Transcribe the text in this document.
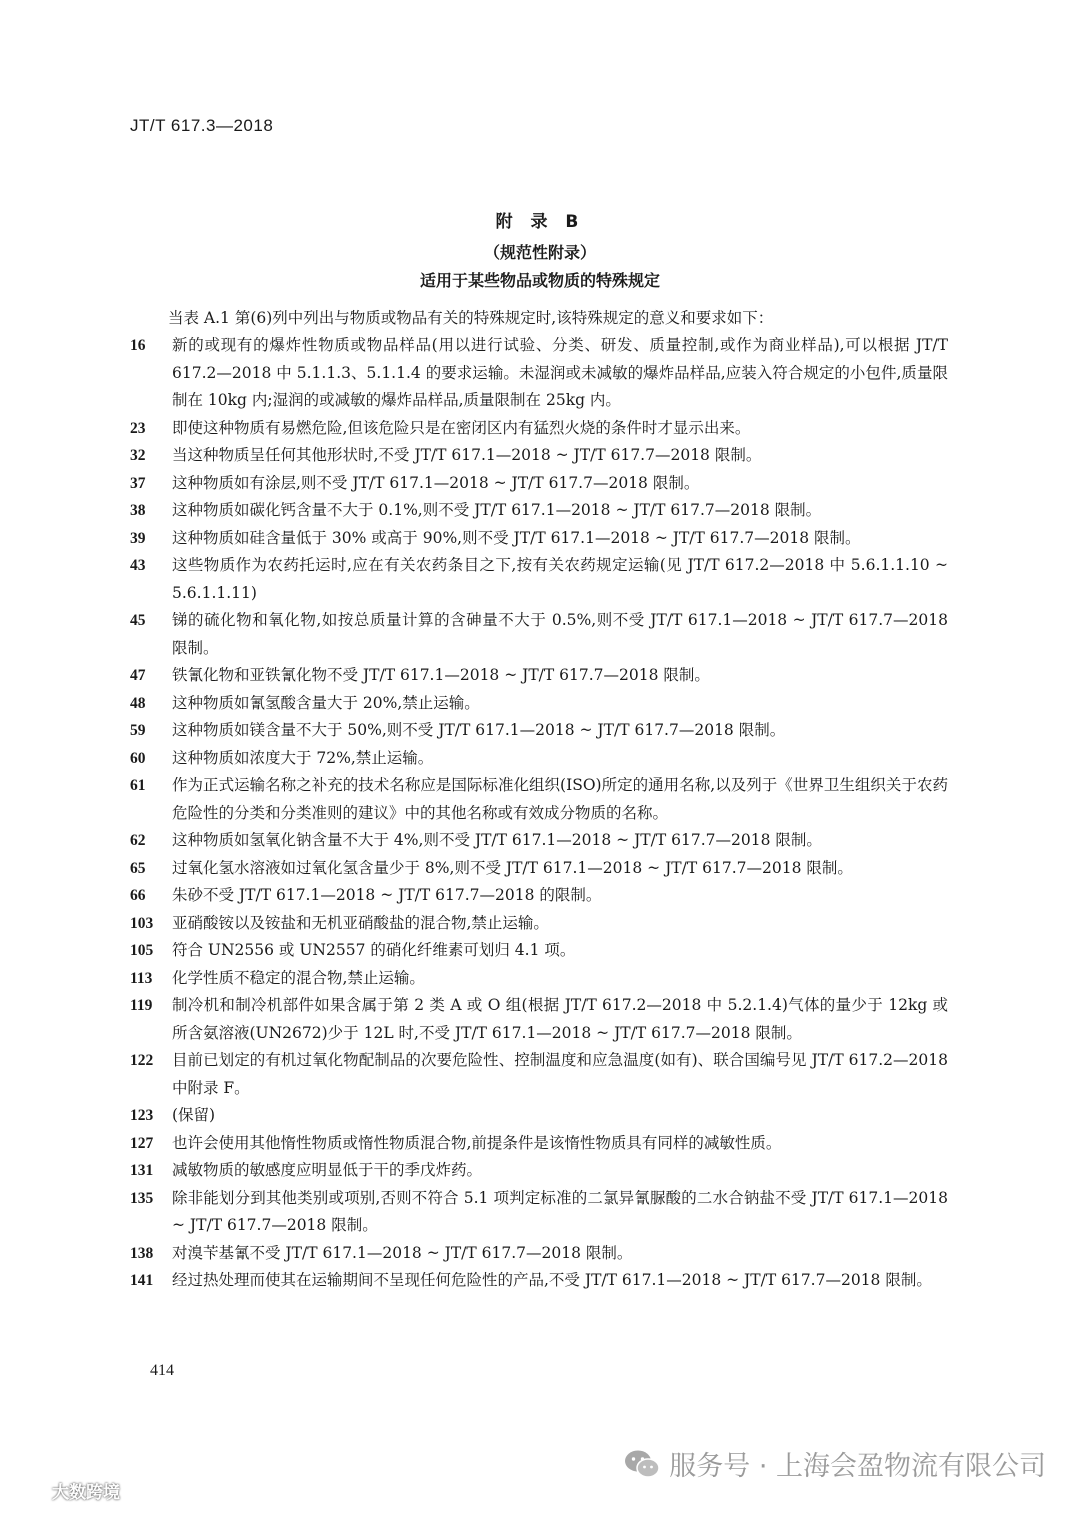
JT/T 617.3—2018
附 录 B
（规范性附录）
适用于某些物品或物质的特殊规定
当表 A.1 第(6)列中列出与物质或物品有关的特殊规定时,该特殊规定的意义和要求如下：
16	新的或现有的爆炸性物质或物品样品(用以进行试验、分类、研发、质量控制,或作为商业样品),可以根据 JT/T 617.2—2018 中 5.1.1.3、5.1.1.4 的要求运输。未湿润或未减敏的爆炸品样品,应装入符合规定的小包件,质量限制在 10kg 内;湿润的或减敏的爆炸品样品,质量限制在 25kg 内。
23	即使这种物质有易燃危险,但该危险只是在密闭区内有猛烈火烧的条件时才显示出来。
32	当这种物质呈任何其他形状时,不受 JT/T 617.1—2018 ~ JT/T 617.7—2018 限制。
37	这种物质如有涂层,则不受 JT/T 617.1—2018 ~ JT/T 617.7—2018 限制。
38	这种物质如碳化钙含量不大于 0.1%,则不受 JT/T 617.1—2018 ~ JT/T 617.7—2018 限制。
39	这种物质如硅含量低于 30% 或高于 90%,则不受 JT/T 617.1—2018 ~ JT/T 617.7—2018 限制。
43	这些物质作为农药托运时,应在有关农药条目之下,按有关农药规定运输(见 JT/T 617.2—2018 中 5.6.1.1.10 ~ 5.6.1.1.11)
45	锑的硫化物和氧化物,如按总质量计算的含砷量不大于 0.5%,则不受 JT/T 617.1—2018 ~ JT/T 617.7—2018 限制。
47	铁氰化物和亚铁氰化物不受 JT/T 617.1—2018 ~ JT/T 617.7—2018 限制。
48	这种物质如氰氢酸含量大于 20%,禁止运输。
59	这种物质如镁含量不大于 50%,则不受 JT/T 617.1—2018 ~ JT/T 617.7—2018 限制。
60	这种物质如浓度大于 72%,禁止运输。
61	作为正式运输名称之补充的技术名称应是国际标准化组织(ISO)所定的通用名称,以及列于《世界卫生组织关于农药危险性的分类和分类准则的建议》中的其他名称或有效成分物质的名称。
62	这种物质如氢氧化钠含量不大于 4%,则不受 JT/T 617.1—2018 ~ JT/T 617.7—2018 限制。
65	过氧化氢水溶液如过氧化氢含量少于 8%,则不受 JT/T 617.1—2018 ~ JT/T 617.7—2018 限制。
66	朱砂不受 JT/T 617.1—2018 ~ JT/T 617.7—2018 的限制。
103	亚硝酸铵以及铵盐和无机亚硝酸盐的混合物,禁止运输。
105	符合 UN2556 或 UN2557 的硝化纤维素可划归 4.1 项。
113	化学性质不稳定的混合物,禁止运输。
119	制冷机和制冷机部件如果含属于第 2 类 A 或 O 组(根据 JT/T 617.2—2018 中 5.2.1.4)气体的量少于 12kg 或所含氨溶液(UN2672)少于 12L 时,不受 JT/T 617.1—2018 ~ JT/T 617.7—2018 限制。
122	目前已划定的有机过氧化物配制品的次要危险性、控制温度和应急温度(如有)、联合国编号见 JT/T 617.2—2018 中附录 F。
123	(保留)
127	也许会使用其他惰性物质或惰性物质混合物,前提条件是该惰性物质具有同样的减敏性质。
131	减敏物质的敏感度应明显低于干的季戊炸药。
135	除非能划分到其他类别或项别,否则不符合 5.1 项判定标准的二氯异氰脲酸的二水合钠盐不受 JT/T 617.1—2018 ~ JT/T 617.7—2018 限制。
138	对溴苄基氰不受 JT/T 617.1—2018 ~ JT/T 617.7—2018 限制。
141	经过热处理而使其在运输期间不呈现任何危险性的产品,不受 JT/T 617.1—2018 ~ JT/T 617.7—2018 限制。
414
大数跨境
服务号 · 上海会盈物流有限公司
